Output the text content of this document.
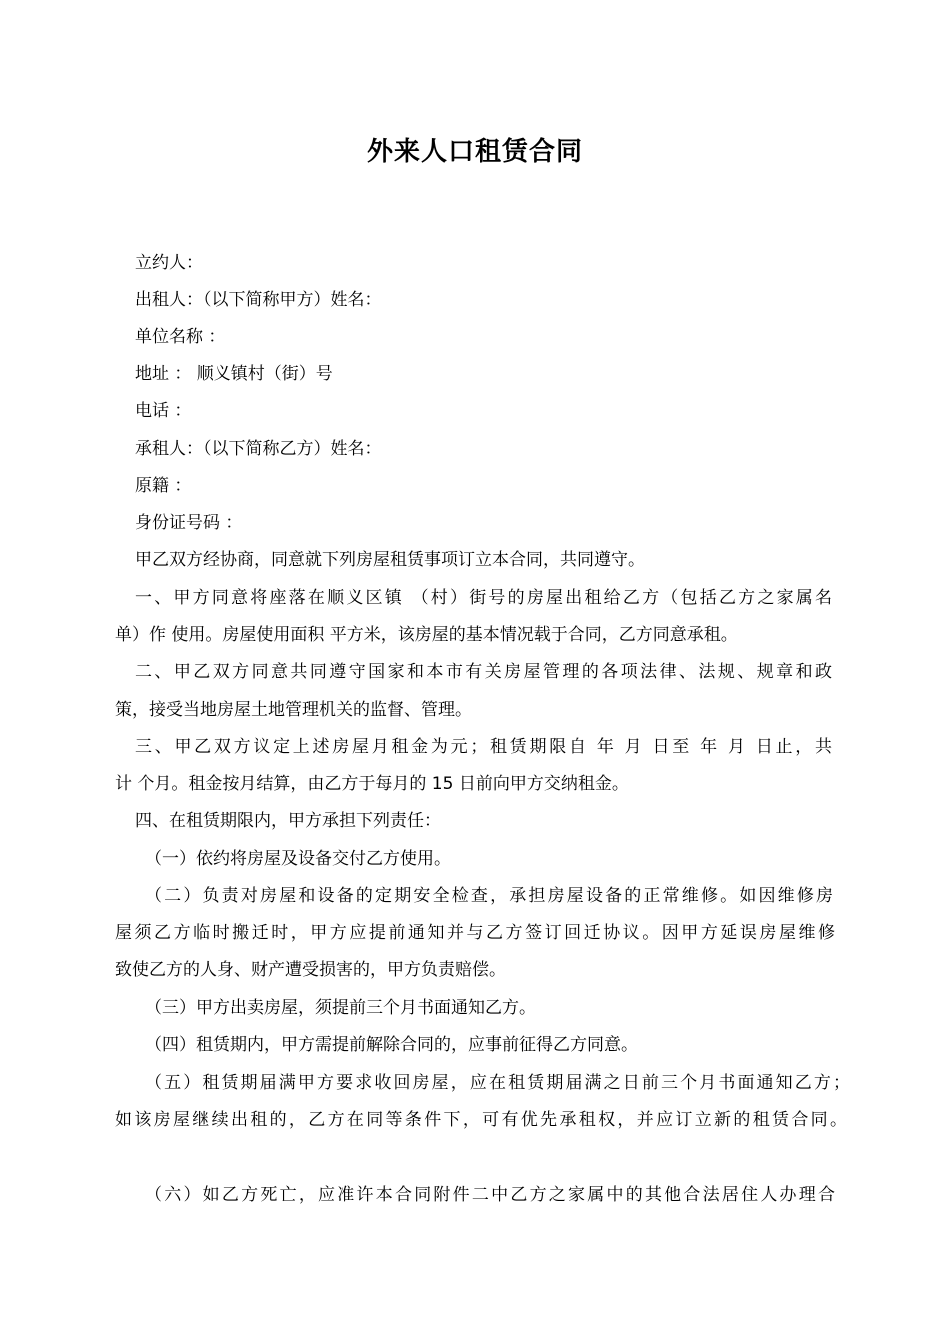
外来人口租赁合同
立约人：
出租人：（以下简称甲方）姓名：
单位名称 ：
地址 ： 顺义镇村（街）号
电话 ：
承租人：（以下简称乙方）姓名：
原籍 ：
身份证号码 ：
甲乙双方经协商，同意就下列房屋租赁事项订立本合同，共同遵守。
一、甲方同意将座落在顺义区镇 （村）街号的房屋出租给乙方（包括乙方之家属名
单）作 使用。房屋使用面积 平方米，该房屋的基本情况载于合同，乙方同意承租。
二、甲乙双方同意共同遵守国家和本市有关房屋管理的各项法律、法规、规章和政
策，接受当地房屋土地管理机关的监督、管理。
三、甲乙双方议定上述房屋月租金为元；租赁期限自 年 月 日至 年 月 日止，共
计 个月。租金按月结算，由乙方于每月的 15 日前向甲方交纳租金。
四、在租赁期限内，甲方承担下列责任：
（一）依约将房屋及设备交付乙方使用。
（二）负责对房屋和设备的定期安全检查，承担房屋设备的正常维修。如因维修房
屋须乙方临时搬迁时，甲方应提前通知并与乙方签订回迁协议。因甲方延误房屋维修
致使乙方的人身、财产遭受损害的，甲方负责赔偿。
（三）甲方出卖房屋，须提前三个月书面通知乙方。
（四）租赁期内，甲方需提前解除合同的，应事前征得乙方同意。
（五）租赁期届满甲方要求收回房屋，应在租赁期届满之日前三个月书面通知乙方；
如该房屋继续出租的，乙方在同等条件下，可有优先承租权，并应订立新的租赁合同。
（六）如乙方死亡，应准许本合同附件二中乙方之家属中的其他合法居住人办理合
